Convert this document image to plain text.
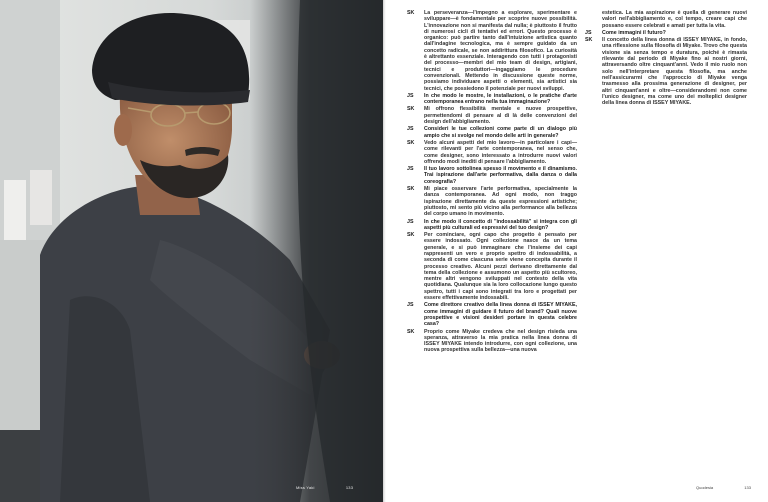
Miss Yaki	133
SK	La perseveranza—l'impegno a esplorare, sperimentare e sviluppare—è fondamentale per scoprire nuove possibilità. L'innovazione non si manifesta dal nulla; è piuttosto il frutto di numerosi cicli di tentativi ed errori. Questo processo è organico: può partire tanto dall'intuizione artistica quanto dall'indagine tecnologica, ma è sempre guidato da un concetto radicale, se non addirittura filosofico. La curiosità è altrettanto essenziale. Interagendo con tutti i protagonisti del processo—membri del mio team di design, artigiani, tecnici e produttori—ingaggiamo le procedure convenzionali. Mettendo in discussione queste norme, possiamo individuare aspetti o elementi, sia artistici sia tecnici, che possiedono il potenziale per nuovi sviluppi.
JS	In che modo le mostre, le installazioni, o le pratiche d'arte contemporanea entrano nella tua immaginazione?
SK	Mi offrono flessibilità mentale e nuove prospettive, permettendomi di pensare al di là delle convenzioni del design dell'abbigliamento.
JS	Consideri le tue collezioni come parte di un dialogo più ampio che si svolge nel mondo delle arti in generale?
SK	Vedo alcuni aspetti del mio lavoro—in particolare i capi—come rilevanti per l'arte contemporanea, nel senso che, come designer, sono interessato a introdurre nuovi valori offrendo modi inediti di pensare l'abbigliamento.
JS	Il tuo lavoro sottolinea spesso il movimento e il dinamismo. Trai ispirazione dall'arte performativa, dalla danza o dalla coreografia?
SK	Mi piace osservare l'arte performativa, specialmente la danza contemporanea. Ad ogni modo, non traggo ispirazione direttamente da queste espressioni artistiche; piuttosto, mi sento più vicino alla performance alla bellezza del corpo umano in movimento.
JS	In che modo il concetto di "indossabilità" si integra con gli aspetti più culturali ed espressivi del tuo design?
SK	Per cominciare, ogni capo che progetto è pensato per essere indossato. Ogni collezione nasce da un tema generale, e si può immaginare che l'insieme dei capi rappresenti un vero e proprio spettro di indossabilità, a seconda di come ciascuna serie viene concepita durante il processo creativo. Alcuni pezzi derivano direttamente dal tema della collezione e assumono un aspetto più scultoreo, mentre altri vengono sviluppati nel contesto della vita quotidiana. Qualunque sia la loro collocazione lungo questo spettro, tutti i capi sono integrati tra loro e progettati per essere effettivamente indossabili.
JS	Come direttore creativo della linea donna di ISSEY MIYAKE, come immagini di guidare il futuro del brand? Quali nuove prospettive e visioni desideri portare in questa celebre casa?
SK	Proprio come Miyake credeva che nel design risieda una speranza, attraverso la mia pratica nella linea donna di ISSEY MIYAKE intendo introdurre, con ogni collezione, una nuova prospettiva sulla bellezza—una nuova
estetica. La mia aspirazione è quella di generare nuovi valori nell'abbigliamento e, col tempo, creare capi che possano essere celebrati e amati per tutta la vita.
JS	Come immagini il futuro?
SK	Il concetto della linea donna di ISSEY MIYAKE, in fondo, una riflessione sulla filosofia di Miyake. Trovo che questa visione sia senza tempo e duratura, poiché è rimasta rilevante dal periodo di Miyake fino ai nostri giorni, attraversando oltre cinquant'anni. Vedo il mio ruolo non solo nell'interpretare questa filosofia, ma anche nell'assicurarmi che l'approccio di Miyake venga trasmesso alla prossima generazione di designer, per altri cinquant'anni e oltre—considerandomi non come l'unico designer, ma come uno dei molteplici designer della linea donna di ISSEY MIYAKE.
Quodesia	133
